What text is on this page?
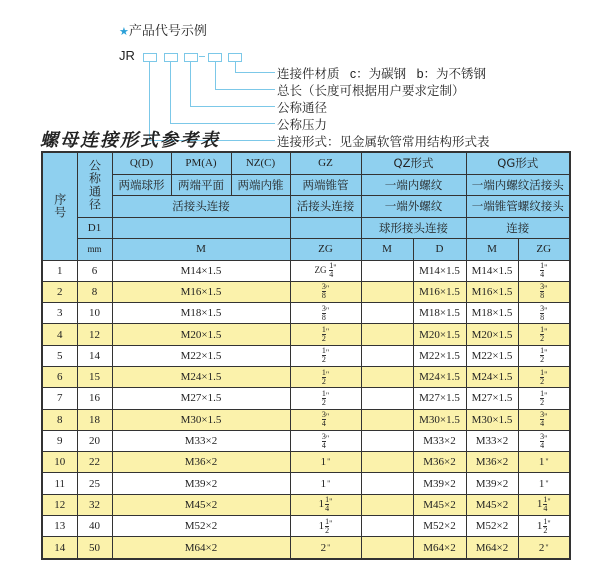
★产品代号示例
JR
连接件材质   c：为碳钢   b：为不锈钢
总长（长度可根据用户要求定制）
公称通径
公称压力
连接形式：见金属软管常用结构形式表
螺母连接形式参考表
序号	公称通径	Q(D)	PM(A)	NZ(C)	GZ	QZ形式		QG形式	
		两端球形	两端平面	两端内锥	两端锥管	一端内螺纹		一端内螺纹活接头	
		活接头连接			活接头连接	一端外螺纹		一端锥管螺纹接头	
	D1					球形接头连接		连接	
	mm	M			ZG	M	D	M	ZG
1	6	M14×1.5			ZG $\frac{1}{4} ^"$		M14×1.5	M14×1.5	$\frac{1}{4} ^"$
2	8	M16×1.5			$\frac{3}{8} ^"$		M16×1.5	M16×1.5	$\frac{3}{8} ^"$
3	10	M18×1.5			$\frac{3}{8} ^"$		M18×1.5	M18×1.5	$\frac{3}{8} ^"$
4	12	M20×1.5			$\frac{1}{2} ^"$		M20×1.5	M20×1.5	$\frac{1}{2} ^"$
5	14	M22×1.5			$\frac{1}{2} ^"$		M22×1.5	M22×1.5	$\frac{1}{2} ^"$
6	15	M24×1.5			$\frac{1}{2} ^"$		M24×1.5	M24×1.5	$\frac{1}{2} ^"$
7	16	M27×1.5			$\frac{1}{2} ^"$		M27×1.5	M27×1.5	$\frac{1}{2} ^"$
8	18	M30×1.5			$\frac{3}{4} ^"$		M30×1.5	M30×1.5	$\frac{3}{4} ^"$
9	20	M33×2			$\frac{3}{4} ^"$		M33×2	M33×2	$\frac{3}{4} ^"$
10	22	M36×2			1"		M36×2	M36×2	1"
11	25	M39×2			1"		M39×2	M39×2	1"
12	32	M45×2			$1 \frac{1}{4} ^"$		M45×2	M45×2	$1 \frac{1}{4} ^"$
13	40	M52×2			$1 \frac{1}{2} ^"$		M52×2	M52×2	$1 \frac{1}{2} ^"$
14	50	M64×2			2"		M64×2	M64×2	2"
